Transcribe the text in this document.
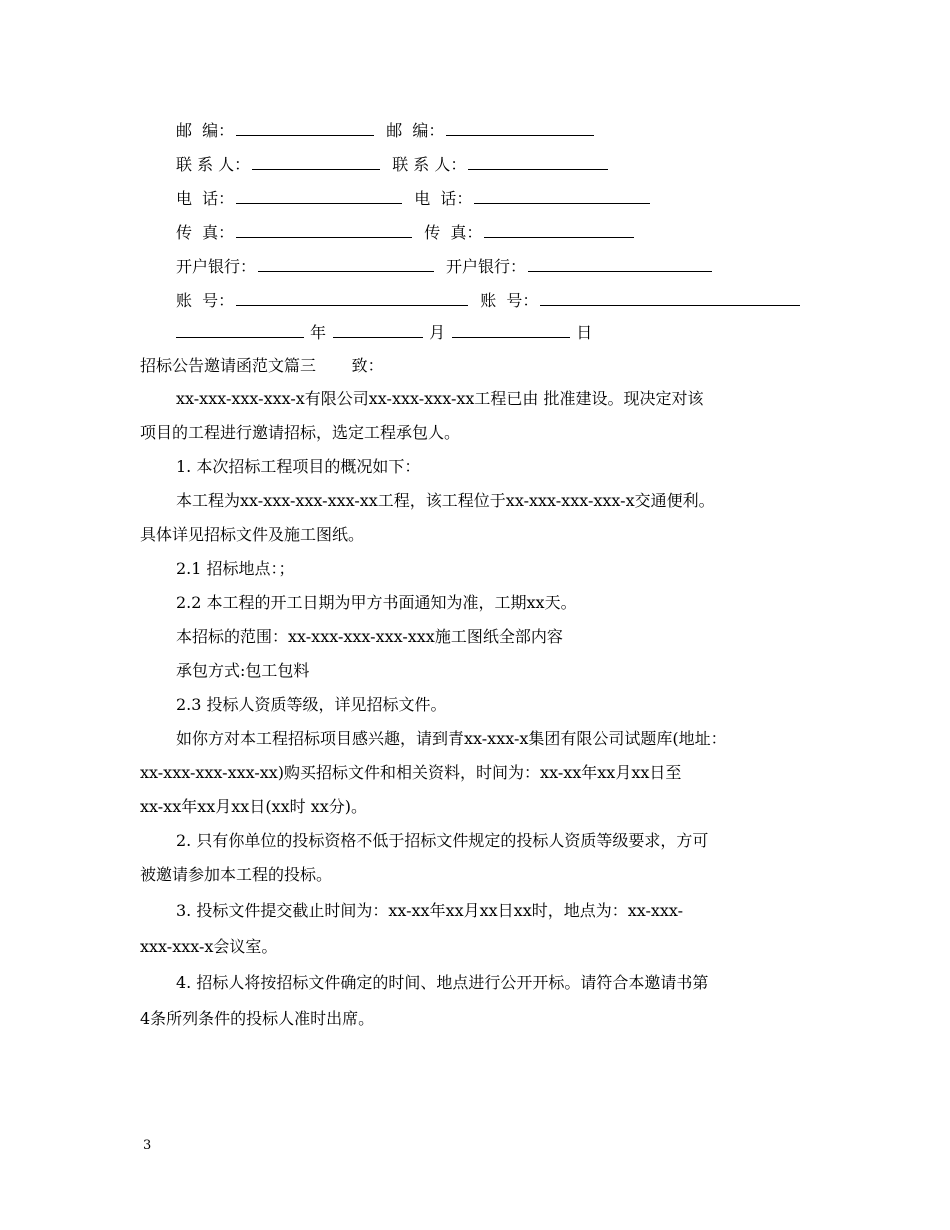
邮  编：	邮  编：
联 系 人：	联 系 人：
电  话：	电  话：
传  真：	传  真：
开户银行：	开户银行：
账  号：	账  号：
年	月	日
招标公告邀请函范文篇三       致：
xx-xxx-xxx-xxx-x有限公司xx-xxx-xxx-xx工程已由 批准建设。现决定对该
项目的工程进行邀请招标，选定工程承包人。
1. 本次招标工程项目的概况如下：
本工程为xx-xxx-xxx-xxx-xx工程，该工程位于xx-xxx-xxx-xxx-x交通便利。
具体详见招标文件及施工图纸。
2.1 招标地点：；
2.2 本工程的开工日期为甲方书面通知为准，工期xx天。
本招标的范围：xx-xxx-xxx-xxx-xxx施工图纸全部内容
承包方式:包工包料
2.3 投标人资质等级，详见招标文件。
如你方对本工程招标项目感兴趣，请到青xx-xxx-x集团有限公司试题库(地址：
xx-xxx-xxx-xxx-xx)购买招标文件和相关资料，时间为：xx-xx年xx月xx日至
xx-xx年xx月xx日(xx时 xx分)。
2. 只有你单位的投标资格不低于招标文件规定的投标人资质等级要求，方可
被邀请参加本工程的投标。
3. 投标文件提交截止时间为：xx-xx年xx月xx日xx时，地点为：xx-xxx-
xxx-xxx-x会议室。
4. 招标人将按招标文件确定的时间、地点进行公开开标。请符合本邀请书第
4条所列条件的投标人准时出席。
3
